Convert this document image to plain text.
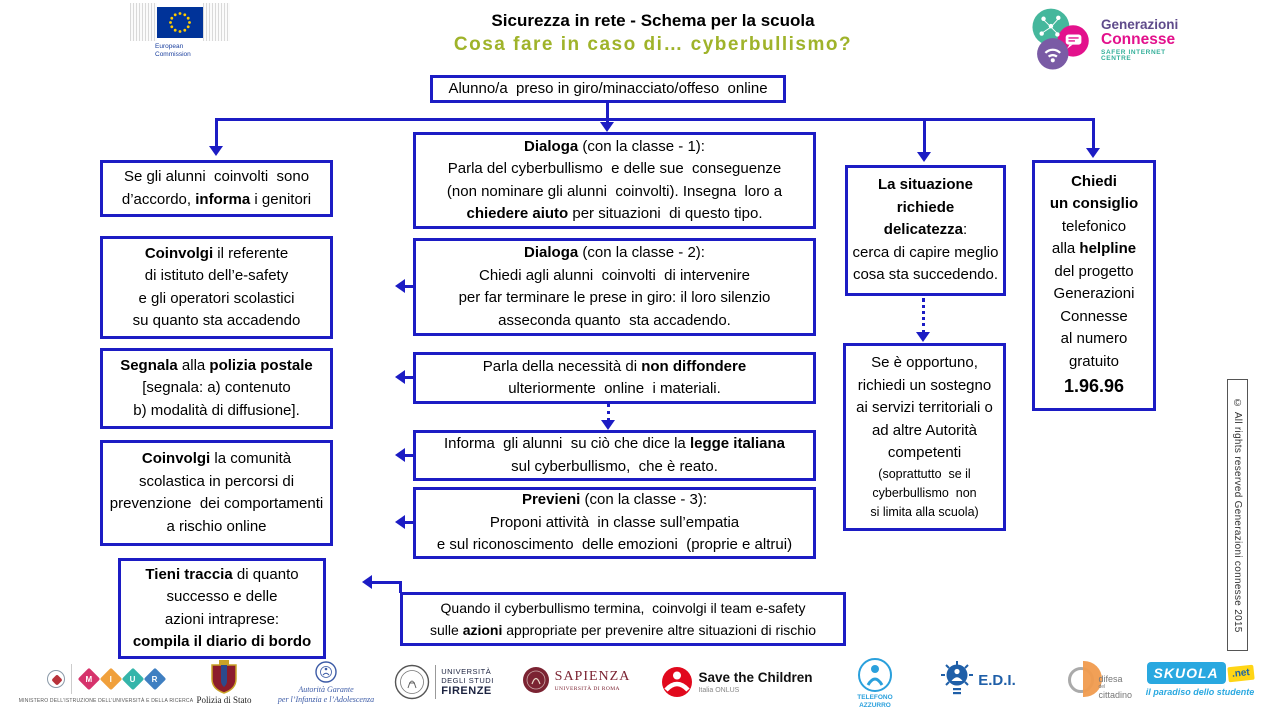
European
Commission
Sicurezza in rete - Schema per la scuola
Cosa fare in caso di… cyberbullismo?
Generazioni
Connesse
SAFER INTERNET CENTRE
Alunno/a  preso in giro/minacciato/offeso  online
Se gli alunni  coinvolti  sono
d’accordo, informa i genitori
Coinvolgi il referente
di istituto dell’e-safety
e gli operatori scolastici
su quanto sta accadendo
Segnala alla polizia postale
[segnala: a) contenuto
b) modalità di diffusione].
Coinvolgi la comunità
scolastica in percorsi di
prevenzione  dei comportamenti
a rischio online
Tieni traccia di quanto
successo e delle
azioni intraprese:
compila il diario di bordo
Dialoga (con la classe - 1):
Parla del cyberbullismo  e delle sue  conseguenze
(non nominare gli alunni  coinvolti). Insegna  loro a
chiedere aiuto per situazioni  di questo tipo.
Dialoga (con la classe - 2):
Chiedi agli alunni  coinvolti  di intervenire
per far terminare le prese in giro: il loro silenzio
asseconda quanto  sta accadendo.
Parla della necessità di non diffondere
ulteriormente  online  i materiali.
Informa  gli alunni  su ciò che dice la legge italiana
sul cyberbullismo,  che è reato.
Previeni (con la classe - 3):
Proponi attività  in classe sull’empatia
e sul riconoscimento  delle emozioni  (proprie e altrui)
Quando il cyberbullismo termina,  coinvolgi il team e-safety
sulle azioni appropriate per prevenire altre situazioni di rischio
La situazione
richiede
delicatezza:
cerca di capire meglio
cosa sta succedendo.
Se è opportuno,
richiedi un sostegno
ai servizi territoriali o
ad altre Autorità
competenti
(soprattutto  se il
cyberbullismo  non
si limita alla scuola)
Chiedi
un consiglio
telefonico
alla helpline
del progetto
Generazioni
Connesse
al numero
gratuito
1.96.96
© All rights reserved Generazioni connesse 2015
M I U R
MINISTERO DELL’ISTRUZIONE DELL’UNIVERSITÀ E DELLA RICERCA Polizia di Stato
Autorità Garante
per l’Infanzia e l’Adolescenza
UNIVERSITÀ
DEGLI STUDI
FIRENZE
SAPIENZA
UNIVERSITÀ DI ROMA
Save the Children
Italia ONLUS
TELEFONO
AZZURRO
E.D.I.	difesa
del
cittadino
SKUOLA	.net
il paradiso dello studente
